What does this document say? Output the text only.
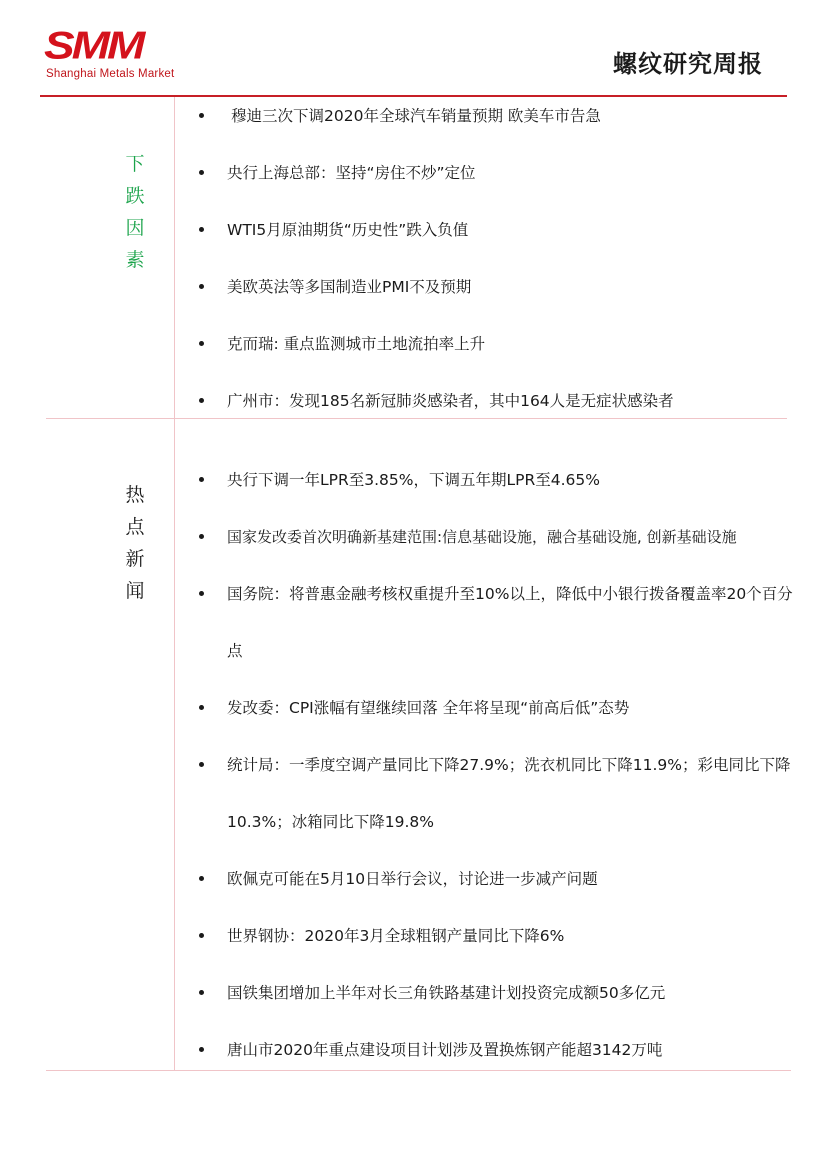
SMM
Shanghai Metals Market	螺纹研究周报
下
跌
因
素
穆迪三次下调2020年全球汽车销量预期 欧美车市告急
央行上海总部：坚持“房住不炒”定位
WTI5月原油期货“历史性”跌入负值
美欧英法等多国制造业PMI不及预期
克而瑞: 重点监测城市土地流拍率上升
广州市：发现185名新冠肺炎感染者，其中164人是无症状感染者
热
点
新
闻
央行下调一年LPR至3.85%，下调五年期LPR至4.65%
国家发改委首次明确新基建范围:信息基础设施，融合基础设施, 创新基础设施
国务院：将普惠金融考核权重提升至10%以上，降低中小银行拨备覆盖率20个百分点
发改委：CPI涨幅有望继续回落 全年将呈现“前高后低”态势
统计局：一季度空调产量同比下降27.9%；洗衣机同比下降11.9%；彩电同比下降10.3%；冰箱同比下降19.8%
欧佩克可能在5月10日举行会议，讨论进一步减产问题
世界钢协：2020年3月全球粗钢产量同比下降6%
国铁集团增加上半年对长三角铁路基建计划投资完成额50多亿元
唐山市2020年重点建设项目计划涉及置换炼钢产能超3142万吨
